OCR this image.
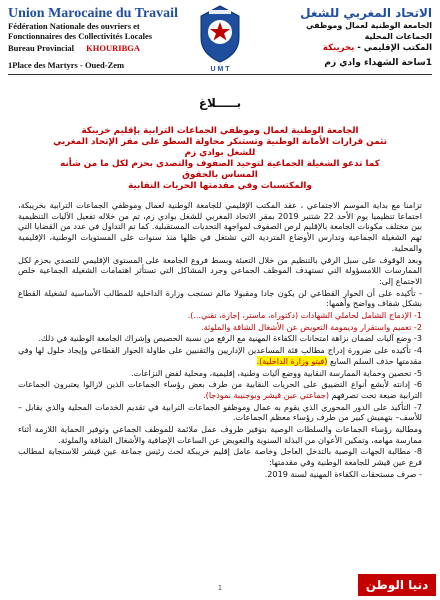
Union Marocaine du Travail
Fédération Nationale des ouvriers et
Fonctionnaires des Collectivités Locales
Bureau Provincial KHOURIBGA
1Place des Martyrs - Oued-Zem	U M T
الاتحاد المغربي للشغل
الجامعة الوطنية لعمال وموظفي
الجماعات المحلية
المكتب الإقليمي - بخريبكة
1ساحة الشهداء وادي زم
بـــــلاغ
الجامعة الوطنية لعمال وموظفي الجماعات الترابية بإقليم خريبكة
تثمن قرارات الأمانة الوطنية وتستنكر محاولة السطو على مقر الإتحاد المغربي للشغل بوادي زم
كما تدعو الشغيلة الجماعية لتوحيد الصفوف والتصدي بحزم لكل ما من شأنه المساس بالحقوق
والمكتسبات وفي مقدمتها الحريات النقابية

تزامنا مع بداية الموسم الاجتماعي ، عقد المكتب الإقليمي للجامعة الوطنية لعمال وموظفي الجماعات الترابية بخريبكة، اجتماعا تنظيميا يوم الأحد 22 شتنبر 2019 بمقر الاتحاد المغربي للشغل بوادي زم، تم من خلاله تفعيل الآليات التنظيمية بين مختلف مكونات الجامعة بالإقليم لرص الصفوف لمواجهة التحديات المستقبلية. كما تم التداول في عدد من القضايا التي تهم الشغيلة الجماعية وتدارس الأوضاع المتردية التي تشتغل في ظلها منذ سنوات على المستويات الوطنية، الإقليمية والمحلية.

وبعد الوقوف على سبل الرقي بالتنظيم من خلال التعبئة وبسط فروع الجامعة على المستوى الإقليمي للتصدي بحزم لكل الممارسات اللامسؤولة التي تستهدف الموظف الجماعي وجرد المشاكل التي تستأثر اهتمامات الشغيلة الجماعية خلص الاجتماع إلى:

- تأكيده على أن الحوار القطاعي لن يكون جادا ومقبولا مالم تستجب وزارة الداخلية للمطالب الأساسية لشغيلة القطاع بشكل شفاف وواضح وأهمها:

1- الإدماج الشامل لحاملي الشهادات (دكتوراه، ماستر، إجازة، تقني...).

2- تعميم واستقرار وديمومة التعويض عن الأشغال الشاقة والملوثة.

3- وضع آليات لضمان نزاهة امتحانات الكفاءة المهنية مع الرفع من نسبة الحصيص وإشراك الجامعة الوطنية في ذلك.

4- تأكيده على ضرورة إدراج مطالب فئة المساعدين الإداريين والتقنيين على طاولة الحوار القطاعي وإيجاد حلول لها وفي مقدمتها حذف السلم السابع (فيتو وزارة الداخلية).

5- تحصين وحماية الممارسة النقابية ووضع آليات وطنية، إقليمية، ومحلية لفض النزاعات.

6- إدانته لأبشع أنواع التضييق على الحريات النقابية من طرف بعض رؤساء الجماعات الذين لازالوا يعتبرون الجماعات الترابية ضيعة تحت تصرفهم (جماعتي عين قيشر وبوجنيبة نموذجا).

7- التأكيد على الدور المحوري الذي يقوم به عمال وموظفو الجماعات الترابية في تقديم الخدمات المحلية والذي يقابل –للأسف– بتهميش كبير من طرف رؤساء معظم الجماعات.

ومطالبة رؤساء الجماعات والسلطات الوصية بتوفير ظروف عمل ملائمة للموظف الجماعي وتوفير الحماية اللازمة أثناء ممارسة مهامه، وتمكين الأعوان من البذلة السنوية والتعويض عن الساعات الإضافية والأشغال الشاقة والملوثة.

8- مطالبة الجهات الوصية بالتدخل العاجل وخاصة عامل إقليم خريبكة لحث رئيس جماعة عين قيشر للاستجابة لمطالب فرع عين قيشر للجامعة الوطنية وفي مقدمتها:

- صرف مستحقات الكفاءة المهنية لسنة 2019.

1	دنيا الوطن
